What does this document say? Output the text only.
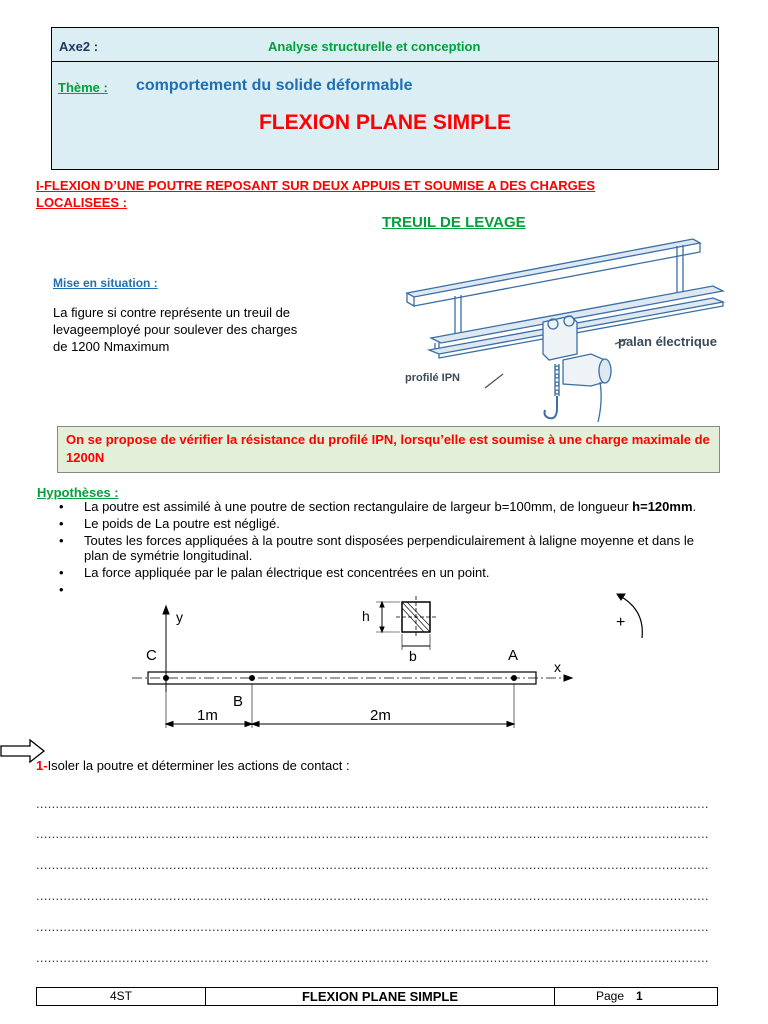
Axe2 :	Analyse structurelle et conception
Thème : comportement du solide déformable
FLEXION PLANE SIMPLE
I-FLEXION D’UNE POUTRE REPOSANT SUR DEUX APPUIS ET SOUMISE A DES CHARGES LOCALISEES :
TREUIL DE LEVAGE
Mise en situation :
La figure si contre représente un treuil de levageemployé pour soulever des charges de 1200 Nmaximum	palan électrique
profilé IPN
On se propose de vérifier la résistance du profilé IPN, lorsqu’elle est soumise à une charge maximale de 1200N
Hypothèses :
• La poutre est assimilé à une poutre de section rectangulaire de largeur b=100mm, de longueur h=120mm.
• Le poids de La poutre est négligé.
• Toutes les forces appliquées à la poutre sont disposées perpendiculairement à laligne moyenne et dans le plan de symétrie longitudinal.
• La force appliquée par le palan électrique est concentrées en un point.
•
y
x
C
B
A
h
b
+
1m	2m
1-Isoler la poutre et déterminer les actions de contact :
............................................................................................................................................................................
............................................................................................................................................................................
............................................................................................................................................................................
............................................................................................................................................................................
............................................................................................................................................................................
............................................................................................................................................................................
4ST	FLEXION PLANE SIMPLE	Page 1
